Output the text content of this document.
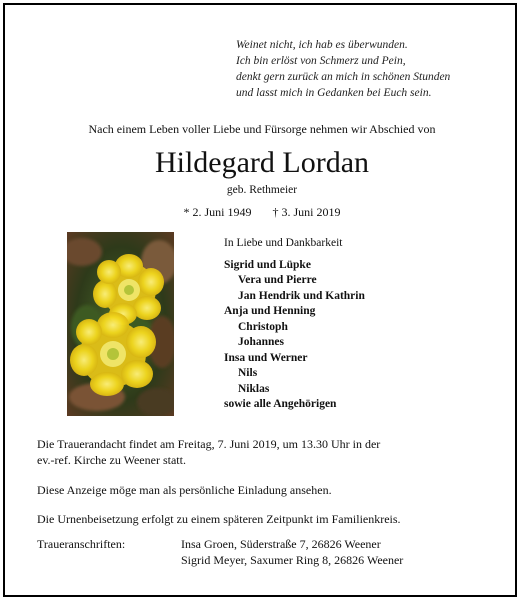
Weinet nicht, ich hab es überwunden.
Ich bin erlöst von Schmerz und Pein,
denkt gern zurück an mich in schönen Stunden
und lasst mich in Gedanken bei Euch sein.
Nach einem Leben voller Liebe und Fürsorge nehmen wir Abschied von
Hildegard Lordan
geb. Rethmeier
* 2. Juni 1949 † 3. Juni 2019
In Liebe und Dankbarkeit
Sigrid und Lüpke
Vera und Pierre
Jan Hendrik und Kathrin
Anja und Henning
Christoph
Johannes
Insa und Werner
Nils
Niklas
sowie alle Angehörigen
Die Trauerandacht findet am Freitag, 7. Juni 2019, um 13.30 Uhr in der
ev.-ref. Kirche zu Weener statt.
Diese Anzeige möge man als persönliche Einladung ansehen.
Die Urnenbeisetzung erfolgt zu einem späteren Zeitpunkt im Familienkreis.
Traueranschriften:	Insa Groen, Süderstraße 7, 26826 Weener
Sigrid Meyer, Saxumer Ring 8, 26826 Weener
